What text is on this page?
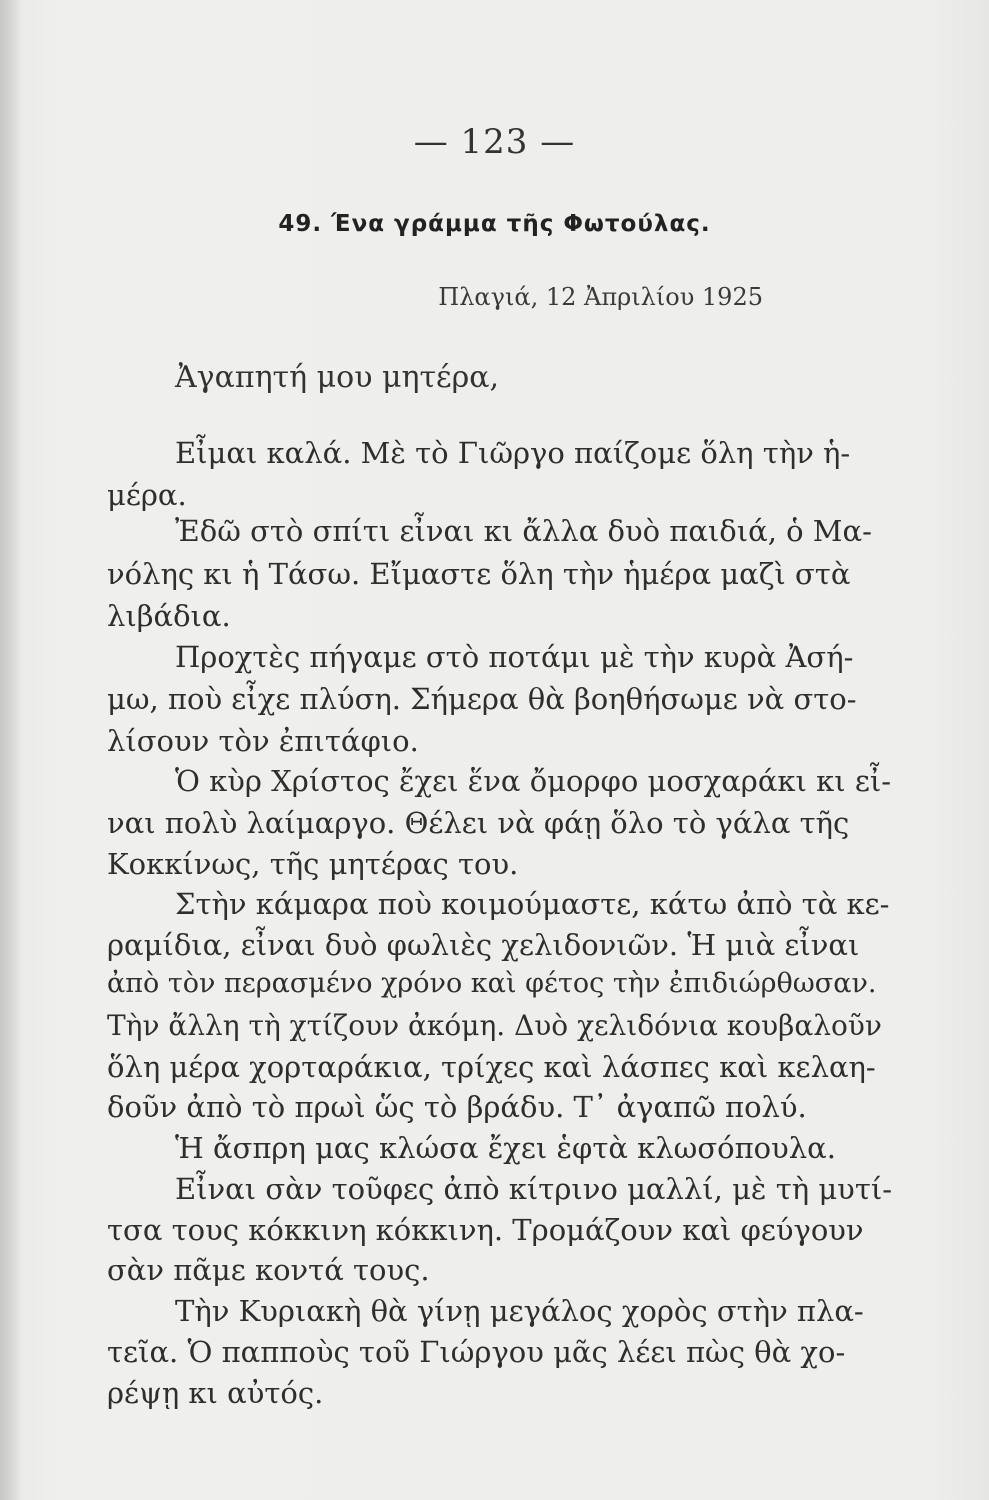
— 123 —
49. Ένα γράμμα τῆς Φωτούλας.
Πλαγιά, 12 Ἀπριλίου 1925
Ἀγαπητή μου μητέρα,
Εἶμαι καλά. Μὲ τὸ Γιῶργο παίζομε ὅλη τὴν ἡ-
μέρα.
Ἐδῶ στὸ σπίτι εἶναι κι ἄλλα δυὸ παιδιά, ὁ Μα-
νόλης κι ἡ Τάσω. Εἴμαστε ὅλη τὴν ἡμέρα μαζὶ στὰ
λιβάδια.
Προχτὲς πήγαμε στὸ ποτάμι μὲ τὴν κυρὰ Ἀσή-
μω, ποὺ εἶχε πλύση. Σήμερα θὰ βοηθήσωμε νὰ στο-
λίσουν τὸν ἐπιτάφιο.
Ὁ κὺρ Χρίστος ἔχει ἕνα ὄμορφο μοσχαράκι κι εἶ-
ναι πολὺ λαίμαργο. Θέλει νὰ φάῃ ὅλο τὸ γάλα τῆς
Κοκκίνως, τῆς μητέρας του.
Στὴν κάμαρα ποὺ κοιμούμαστε, κάτω ἀπὸ τὰ κε-
ραμίδια, εἶναι δυὸ φωλιὲς χελιδονιῶν. Ἡ μιὰ εἶναι
ἀπὸ τὸν περασμένο χρόνο καὶ φέτος τὴν ἐπιδιώρθωσαν.
Τὴν ἄλλη τὴ χτίζουν ἀκόμη. Δυὸ χελιδόνια κουβαλοῦν
ὅλη μέρα χορταράκια, τρίχες καὶ λάσπες καὶ κελαη-
δοῦν ἀπὸ τὸ πρωὶ ὥς τὸ βράδυ. Τ᾽ ἀγαπῶ πολύ.
Ἡ ἄσπρη μας κλώσα ἔχει ἑφτὰ κλωσόπουλα.
Εἶναι σὰν τοῦφες ἀπὸ κίτρινο μαλλί, μὲ τὴ μυτί-
τσα τους κόκκινη κόκκινη. Τρομάζουν καὶ φεύγουν
σὰν πᾶμε κοντά τους.
Τὴν Κυριακὴ θὰ γίνῃ μεγάλος χορὸς στὴν πλα-
τεῖα. Ὁ παπποὺς τοῦ Γιώργου μᾶς λέει πὼς θὰ χο-
ρέψῃ κι αὐτός.
